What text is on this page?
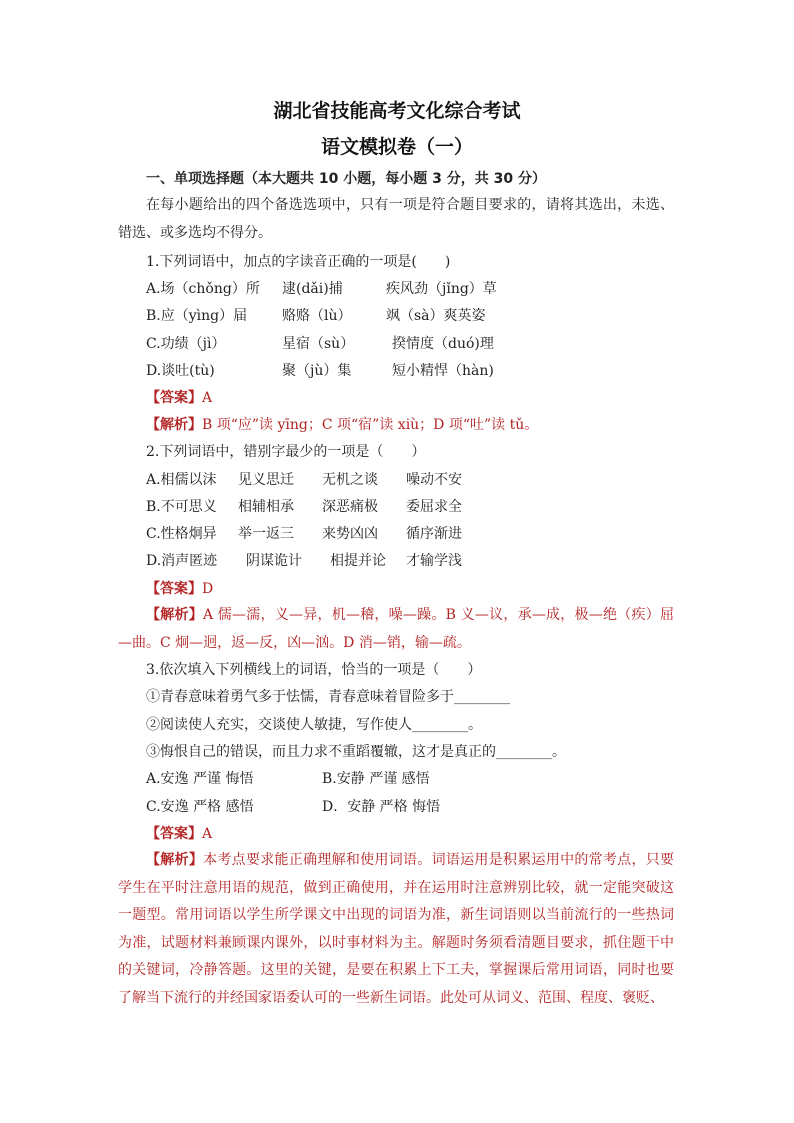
湖北省技能高考文化综合考试
语文模拟卷（一）
一、单项选择题（本大题共 10 小题，每小题 3 分，共 30 分）
在每小题给出的四个备选选项中，只有一项是符合题目要求的，请将其选出，未选、错选、或多选均不得分。
1.下列词语中，加点的字读音正确的一项是(　　)
A.场（chǒng）所 逮(dǎi)捕	疾风劲（jǐng）草
B.应（yìng）届 赂赂（lù） 飒（sà）爽英姿
C.功绩（jì）	星宿（sù）	揆情度（duó)理
D.谈吐(tù)	聚（jù）集	短小精悍（hàn)
【答案】A
【解析】B 项“应”读 yīng；C 项“宿”读 xiù；D 项“吐”读 tǔ。
2.下列词语中，错别字最少的一项是（　　）
A.相儒以沫 见义思迁 无机之谈 噪动不安
B.不可思义 相辅相承 深恶痛极 委屈求全
C.性格炯异 举一返三 来势凶凶 循序渐进
D.消声匿迹 阴谋诡计 相提并论 才输学浅
【答案】D
【解析】A 儒—濡，义—异，机—稽，噪—躁。B 义—议，承—成，极—绝（疾）屈—曲。C 炯—迥，返—反，凶—汹。D 消—销，输—疏。
3.依次填入下列横线上的词语，恰当的一项是（　　）
①青春意味着勇气多于怯懦，青春意味着冒险多于________
②阅读使人充实，交谈使人敏捷，写作使人________。
③悔恨自己的错误，而且力求不重蹈覆辙，这才是真正的________。
A.安逸 严谨 悔悟	B.安静 严谨 感悟
C.安逸 严格 感悟	D．安静 严格 悔悟
【答案】A
【解析】本考点要求能正确理解和使用词语。词语运用是积累运用中的常考点，只要学生在平时注意用语的规范，做到正确使用，并在运用时注意辨别比较，就一定能突破这一题型。常用词语以学生所学课文中出现的词语为准，新生词语则以当前流行的一些热词为准，试题材料兼顾课内课外，以时事材料为主。解题时务须看清题目要求，抓住题干中的关键词，冷静答题。这里的关键，是要在积累上下工夫，掌握课后常用词语，同时也要了解当下流行的并经国家语委认可的一些新生词语。此处可从词义、范围、程度、褒贬、
